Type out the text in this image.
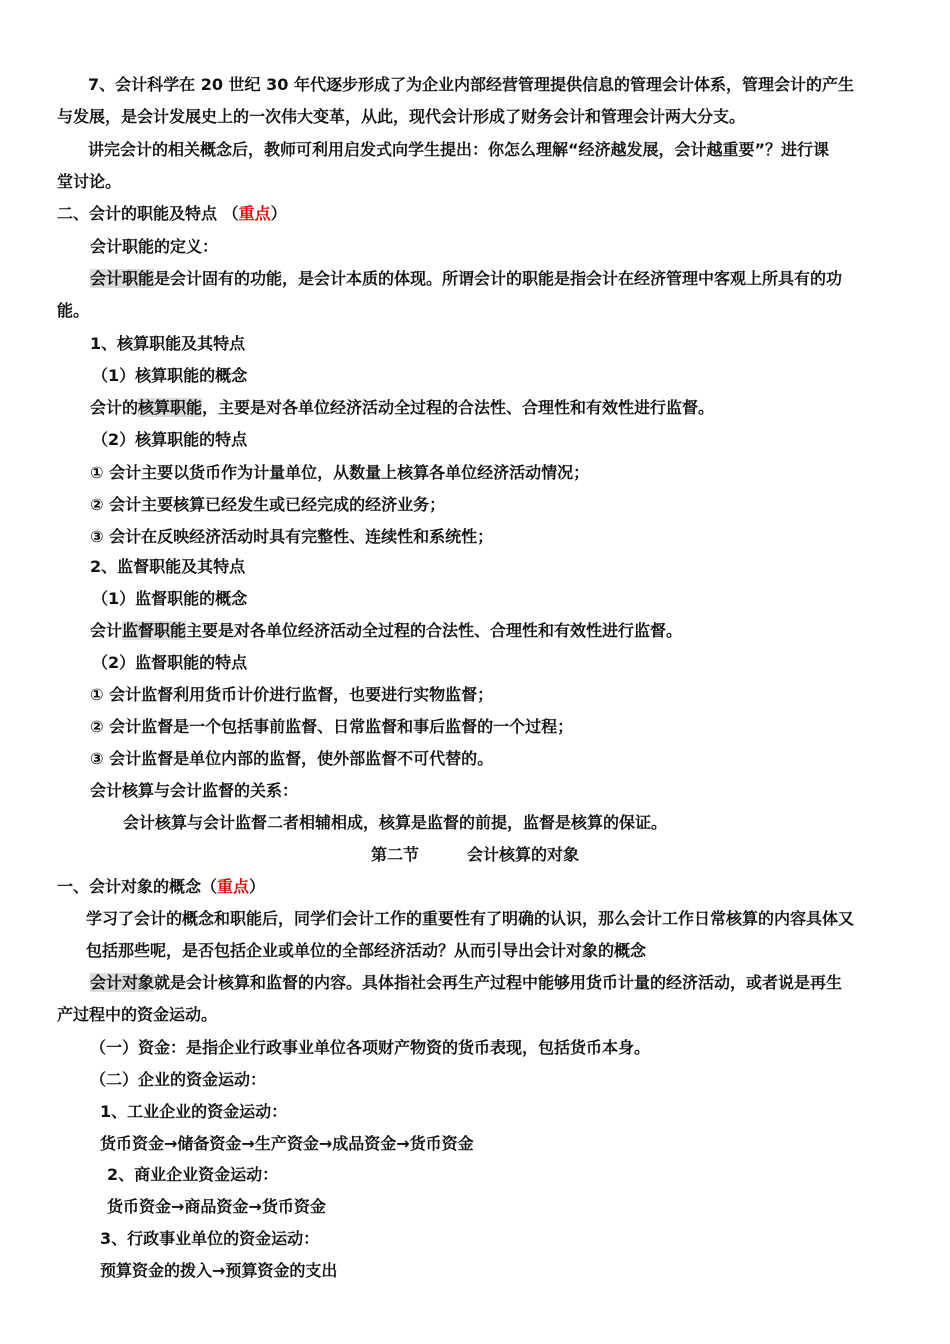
7、会计科学在 20 世纪 30 年代逐步形成了为企业内部经营管理提供信息的管理会计体系，管理会计的产生
与发展，是会计发展史上的一次伟大变革，从此，现代会计形成了财务会计和管理会计两大分支。
讲完会计的相关概念后，教师可利用启发式向学生提出：你怎么理解“经济越发展，会计越重要”？进行课
堂讨论。
二、会计的职能及特点 （重点）
会计职能的定义：
会计职能是会计固有的功能，是会计本质的体现。所谓会计的职能是指会计在经济管理中客观上所具有的功
能。
1、核算职能及其特点
（1）核算职能的概念
会计的核算职能，主要是对各单位经济活动全过程的合法性、合理性和有效性进行监督。
（2）核算职能的特点
① 会计主要以货币作为计量单位，从数量上核算各单位经济活动情况；
② 会计主要核算已经发生或已经完成的经济业务；
③ 会计在反映经济活动时具有完整性、连续性和系统性；
2、监督职能及其特点
（1）监督职能的概念
会计监督职能主要是对各单位经济活动全过程的合法性、合理性和有效性进行监督。
（2）监督职能的特点
① 会计监督利用货币计价进行监督，也要进行实物监督；
② 会计监督是一个包括事前监督、日常监督和事后监督的一个过程；
③ 会计监督是单位内部的监督，使外部监督不可代替的。
会计核算与会计监督的关系：
会计核算与会计监督二者相辅相成，核算是监督的前提，监督是核算的保证。
第二节　　　会计核算的对象
一、会计对象的概念（重点）
学习了会计的概念和职能后，同学们会计工作的重要性有了明确的认识，那么会计工作日常核算的内容具体又
包括那些呢，是否包括企业或单位的全部经济活动？从而引导出会计对象的概念
会计对象就是会计核算和监督的内容。具体指社会再生产过程中能够用货币计量的经济活动，或者说是再生
产过程中的资金运动。
（一）资金：是指企业行政事业单位各项财产物资的货币表现，包括货币本身。
（二）企业的资金运动：
1、工业企业的资金运动：
货币资金→储备资金→生产资金→成品资金→货币资金
2、商业企业资金运动：
货币资金→商品资金→货币资金
3、行政事业单位的资金运动：
预算资金的拨入→预算资金的支出
